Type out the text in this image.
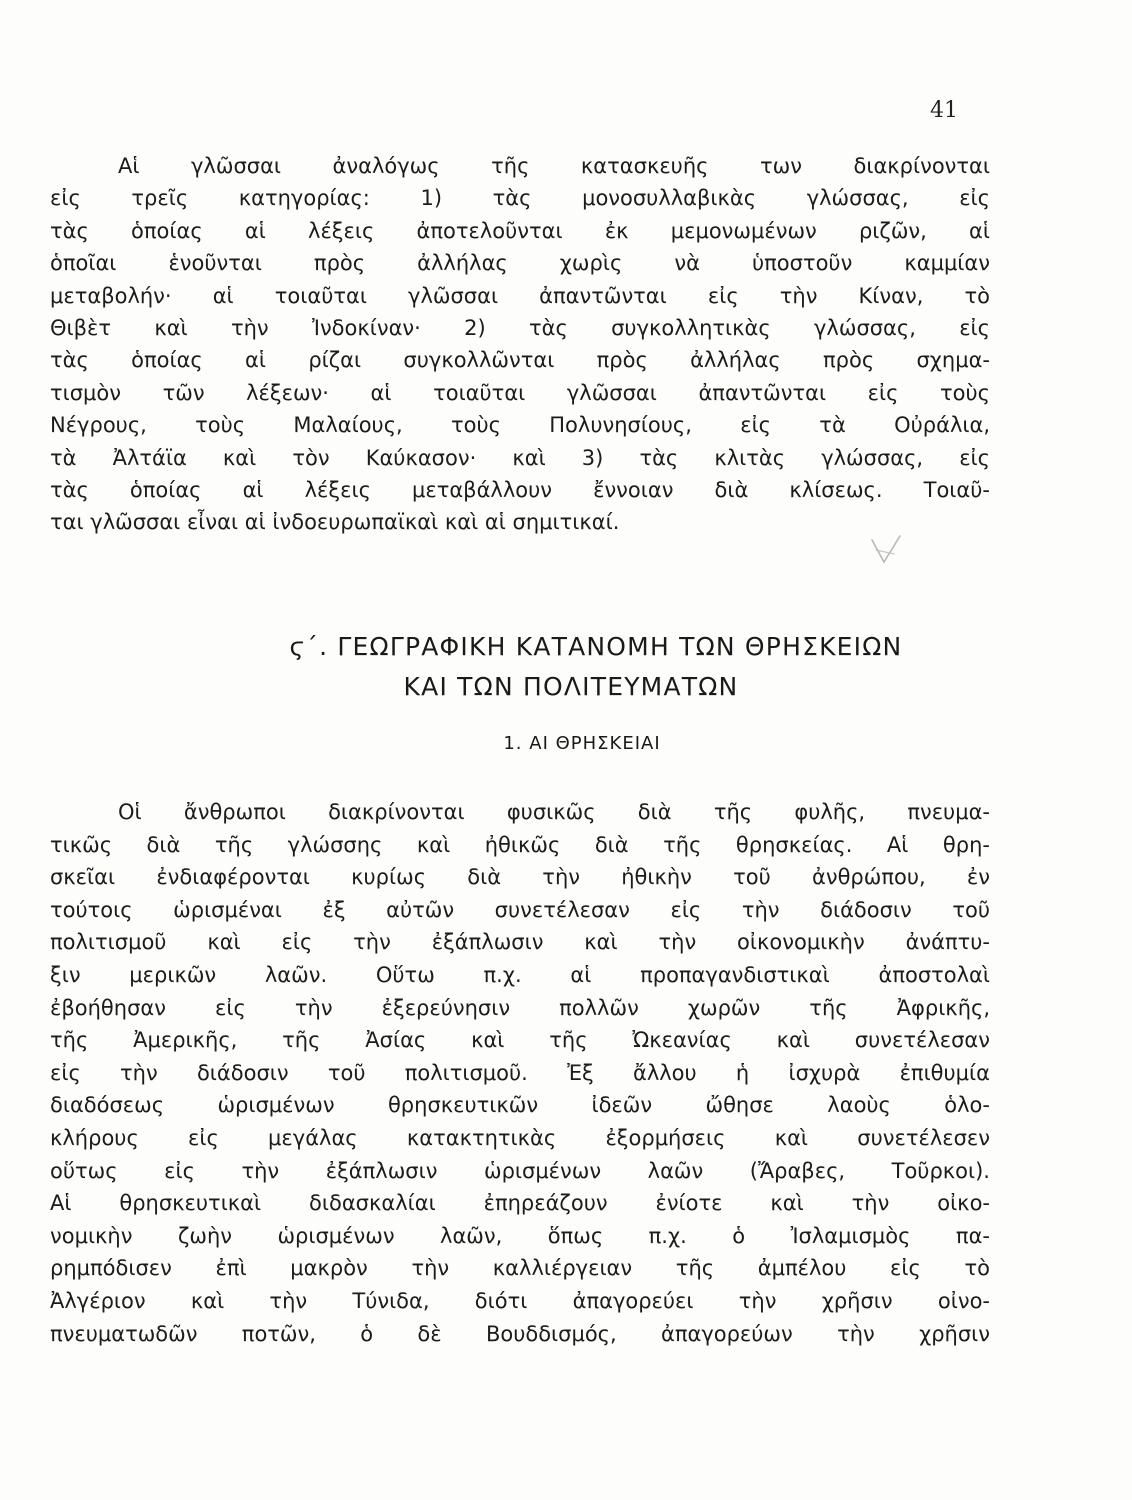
41

Αἱ γλῶσσαι ἀναλόγως τῆς κατασκευῆς των διακρίνονται
εἰς τρεῖς κατηγορίας: 1) τὰς μονοσυλλαβικὰς γλώσσας, εἰς
τὰς ὁποίας αἱ λέξεις ἀποτελοῦνται ἐκ μεμονωμένων ριζῶν, αἱ
ὁποῖαι ἑνοῦνται πρὸς ἀλλήλας χωρὶς νὰ ὑποστοῦν καμμίαν
μεταβολήν· αἱ τοιαῦται γλῶσσαι ἀπαντῶνται εἰς τὴν Κίναν, τὸ
Θιβὲτ καὶ τὴν Ἰνδοκίναν· 2) τὰς συγκολλητικὰς γλώσσας, εἰς
τὰς ὁποίας αἱ ρίζαι συγκολλῶνται πρὸς ἀλλήλας πρὸς σχημα-
τισμὸν τῶν λέξεων· αἱ τοιαῦται γλῶσσαι ἀπαντῶνται εἰς τοὺς
Νέγρους, τοὺς Μαλαίους, τοὺς Πολυνησίους, εἰς τὰ Οὐράλια,
τὰ Ἀλτάϊα καὶ τὸν Καύκασον· καὶ 3) τὰς κλιτὰς γλώσσας, εἰς
τὰς ὁποίας αἱ λέξεις μεταβάλλουν ἔννοιαν διὰ κλίσεως. Τοιαῦ-
ται γλῶσσαι εἶναι αἱ ἰνδοευρωπαϊκαὶ καὶ αἱ σημιτικαί.

ϛ΄. ΓΕΩΓΡΑΦΙΚΗ ΚΑΤΑΝΟΜΗ ΤΩΝ ΘΡΗΣΚΕΙΩΝ
ΚΑΙ ΤΩΝ ΠΟΛΙΤΕΥΜΑΤΩΝ
1. ΑΙ ΘΡΗΣΚΕΙΑΙ

Οἱ ἄνθρωποι διακρίνονται φυσικῶς διὰ τῆς φυλῆς, πνευμα-
τικῶς διὰ τῆς γλώσσης καὶ ἠθικῶς διὰ τῆς θρησκείας. Αἱ θρη-
σκεῖαι ἐνδιαφέρονται κυρίως διὰ τὴν ἠθικὴν τοῦ ἀνθρώπου, ἐν
τούτοις ὡρισμέναι ἐξ αὐτῶν συνετέλεσαν εἰς τὴν διάδοσιν τοῦ
πολιτισμοῦ καὶ εἰς τὴν ἐξάπλωσιν καὶ τὴν οἰκονομικὴν ἀνάπτυ-
ξιν μερικῶν λαῶν. Οὕτω π.χ. αἱ προπαγανδιστικαὶ ἀποστολαὶ
ἐβοήθησαν εἰς τὴν ἐξερεύνησιν πολλῶν χωρῶν τῆς Ἀφρικῆς,
τῆς Ἀμερικῆς, τῆς Ἀσίας καὶ τῆς Ὠκεανίας καὶ συνετέλεσαν
εἰς τὴν διάδοσιν τοῦ πολιτισμοῦ. Ἐξ ἄλλου ἡ ἰσχυρὰ ἐπιθυμία
διαδόσεως ὡρισμένων θρησκευτικῶν ἰδεῶν ὤθησε λαοὺς ὁλο-
κλήρους εἰς μεγάλας κατακτητικὰς ἐξορμήσεις καὶ συνετέλεσεν
οὕτως εἰς τὴν ἐξάπλωσιν ὡρισμένων λαῶν (Ἄραβες, Τοῦρκοι).
Αἱ θρησκευτικαὶ διδασκαλίαι ἐπηρεάζουν ἐνίοτε καὶ τὴν οἰκο-
νομικὴν ζωὴν ὡρισμένων λαῶν, ὅπως π.χ. ὁ Ἰσλαμισμὸς πα-
ρημπόδισεν ἐπὶ μακρὸν τὴν καλλιέργειαν τῆς ἀμπέλου εἰς τὸ
Ἀλγέριον καὶ τὴν Τύνιδα, διότι ἀπαγορεύει τὴν χρῆσιν οἰνο-
πνευματωδῶν ποτῶν, ὁ δὲ Βουδδισμός, ἀπαγορεύων τὴν χρῆσιν
